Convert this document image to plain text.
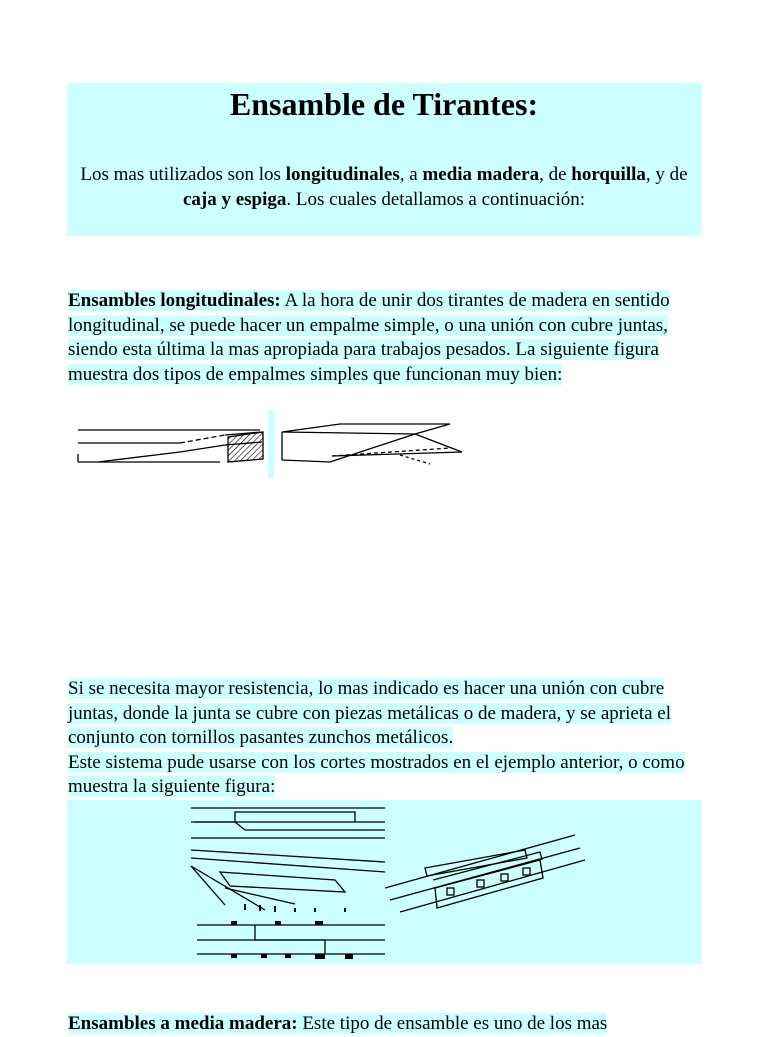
Ensamble de Tirantes:

Los mas utilizados son los longitudinales, a media madera, de horquilla, y de caja y espiga. Los cuales detallamos a continuación:

Ensambles longitudinales: A la hora de unir dos tirantes de madera en sentido longitudinal, se puede hacer un empalme simple, o una unión con cubre juntas, siendo esta última la mas apropiada para trabajos pesados. La siguiente figura muestra dos tipos de empalmes simples que funcionan muy bien:

Si se necesita mayor resistencia, lo mas indicado es hacer una unión con cubre juntas, donde la junta se cubre con piezas metálicas o de madera, y se aprieta el conjunto con tornillos pasantes zunchos metálicos.
Este sistema pude usarse con los cortes mostrados en el ejemplo anterior, o como muestra la siguiente figura:

Ensambles a media madera: Este tipo de ensamble es uno de los mas
